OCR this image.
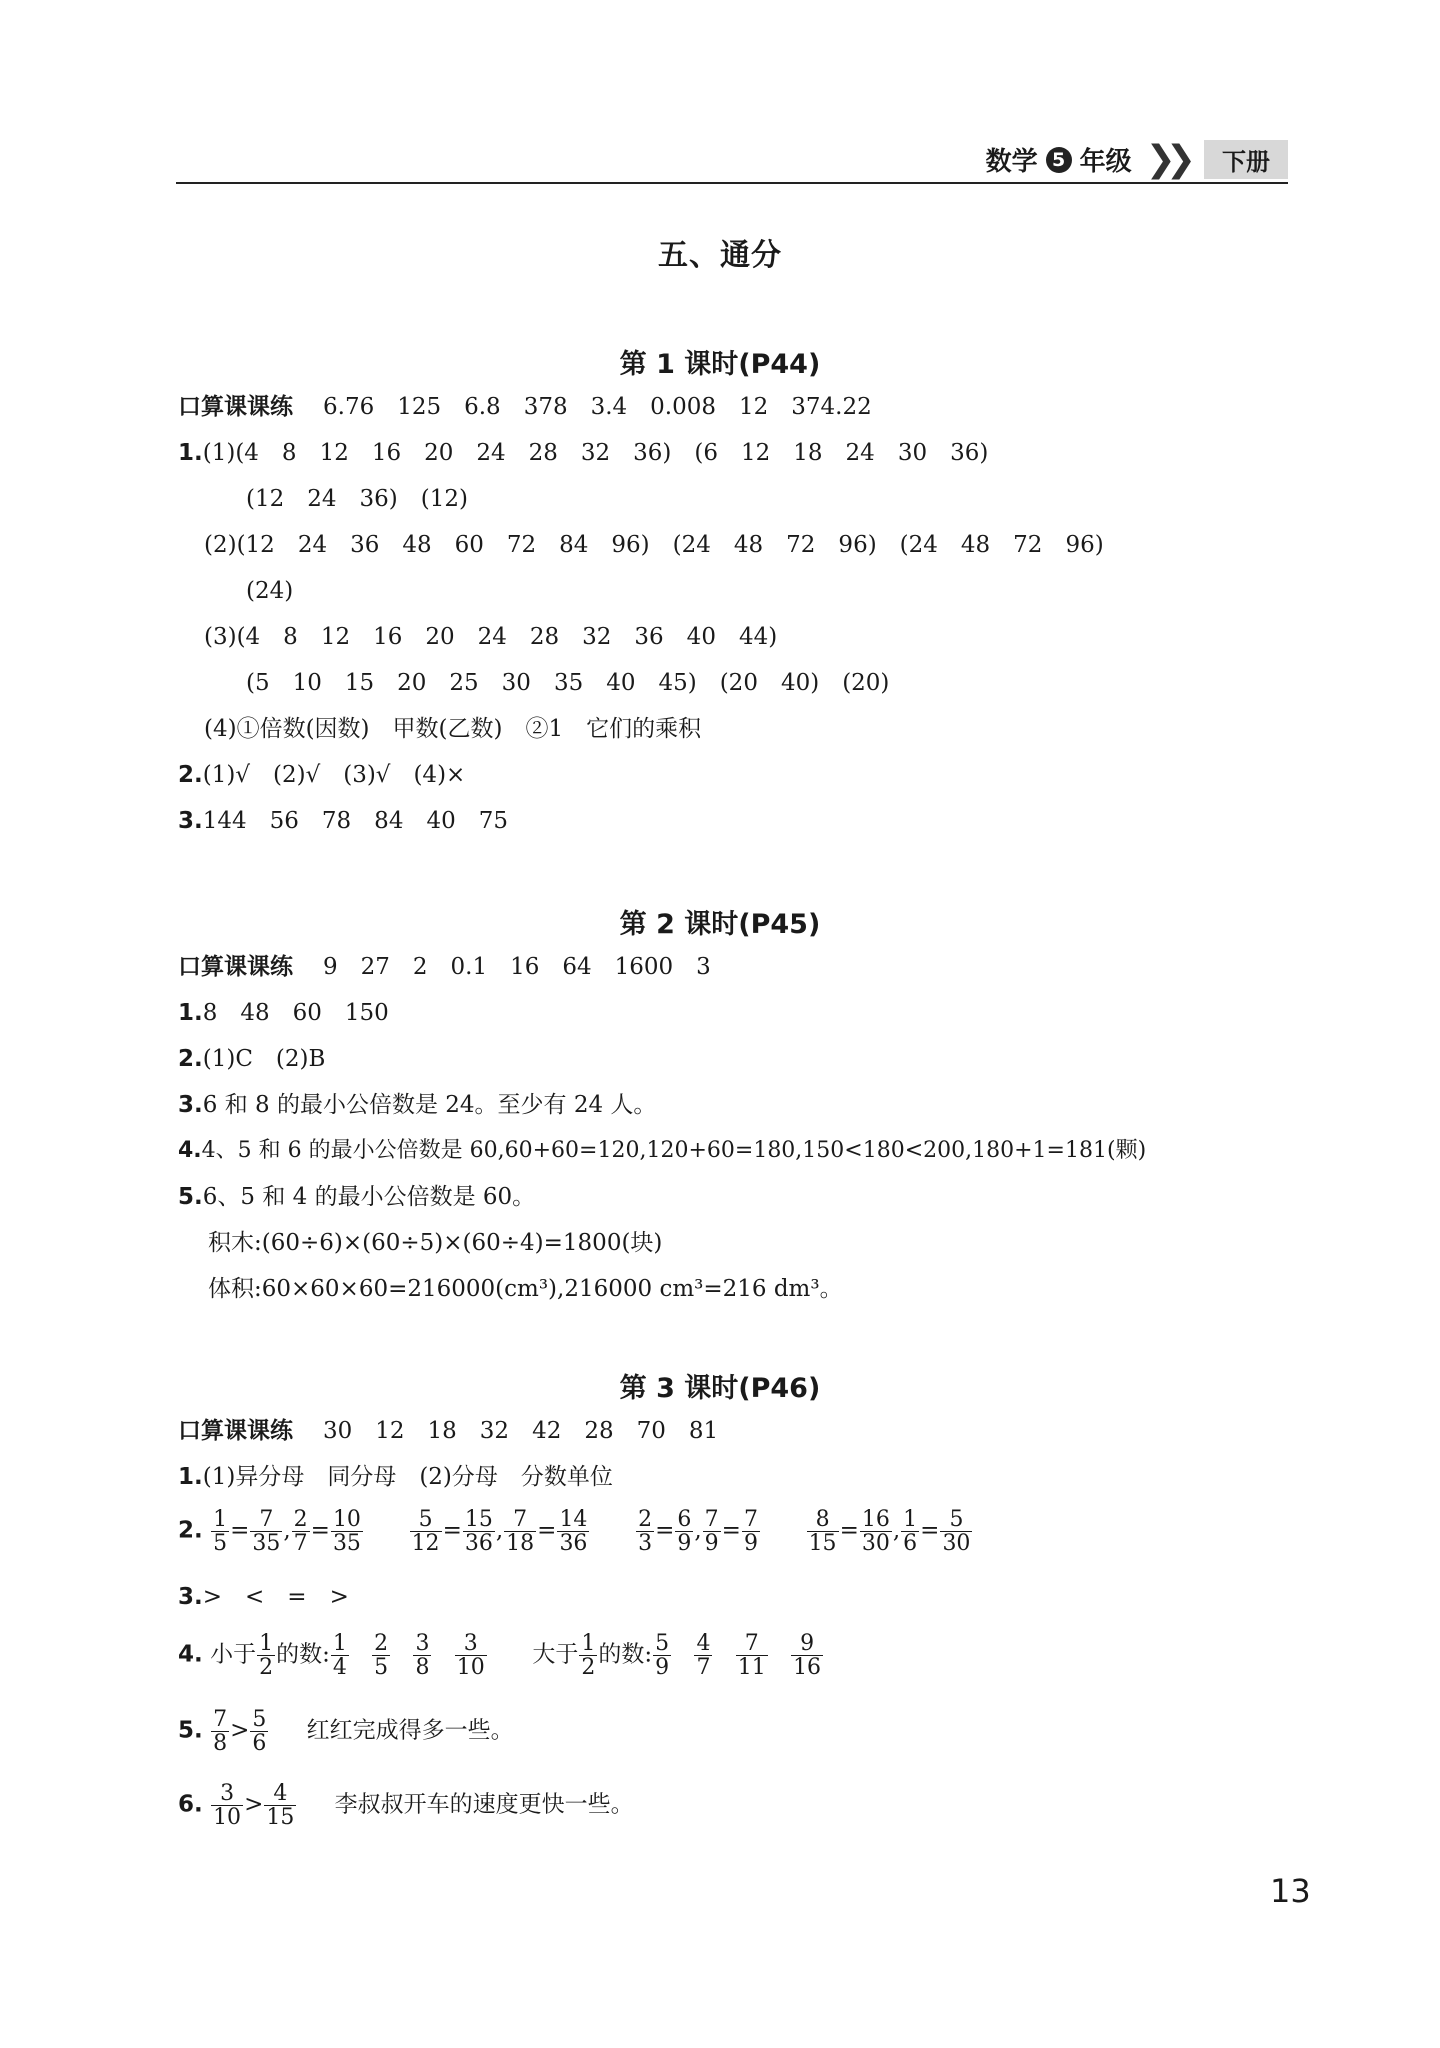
数学 5 年级 ❯❯	下册
五、通分
第 1 课时(P44)
口算课课练 6.76　125　6.8　378　3.4　0.008　12　374.22
1.(1)(4　8　12　16　20　24　28　32　36)　(6　12　18　24　30　36)
(12　24　36)　(12)
(2)(12　24　36　48　60　72　84　96)　(24　48　72　96)　(24　48　72　96)
(24)
(3)(4　8　12　16　20　24　28　32　36　40　44)
(5　10　15　20　25　30　35　40　45)　(20　40)　(20)
(4)①倍数(因数)　甲数(乙数)　②1　它们的乘积
2.(1)√　(2)√　(3)√　(4)×
3.144　56　78　84　40　75
第 2 课时(P45)
口算课课练 9　27　2　0.1　16　64　1600　3
1.8　48　60　150
2.(1)C　(2)B
3.6 和 8 的最小公倍数是 24。至少有 24 人。
4.4、5 和 6 的最小公倍数是 60,60+60=120,120+60=180,150<180<200,180+1=181(颗)
5.6、5 和 4 的最小公倍数是 60。
积木:(60÷6)×(60÷5)×(60÷4)=1800(块)
体积:60×60×60=216000(cm³),216000 cm³=216 dm³。
第 3 课时(P46)
口算课课练 30　12　18　32　42　28　70　81
1.(1)异分母　同分母　(2)分母　分数单位
2. $\frac{1}{5} = \frac{7}{35}$ , $\frac{2}{7} = \frac{10}{35}$
$\frac{5}{12} = \frac{15}{36}$ , $\frac{7}{18} = \frac{14}{36}$
$\frac{2}{3} = \frac{6}{9}$ , $\frac{7}{9} = \frac{7}{9}$
$\frac{8}{15} = \frac{16}{30}$ , $\frac{1}{6} = \frac{5}{30}$
3.>　<　=　>
4. 小于 $\frac{1}{2}$ 的数: $\frac{1}{4}$
$\frac{2}{5}$
$\frac{3}{8}$
$\frac{3}{10}$ 大于 $\frac{1}{2}$ 的数: $\frac{5}{9}$
$\frac{4}{7}$
$\frac{7}{11}$
$\frac{9}{16}$
5. $\frac{7}{8} > \frac{5}{6}$ 红红完成得多一些。
6. $\frac{3}{10} > \frac{4}{15}$ 李叔叔开车的速度更快一些。
13
